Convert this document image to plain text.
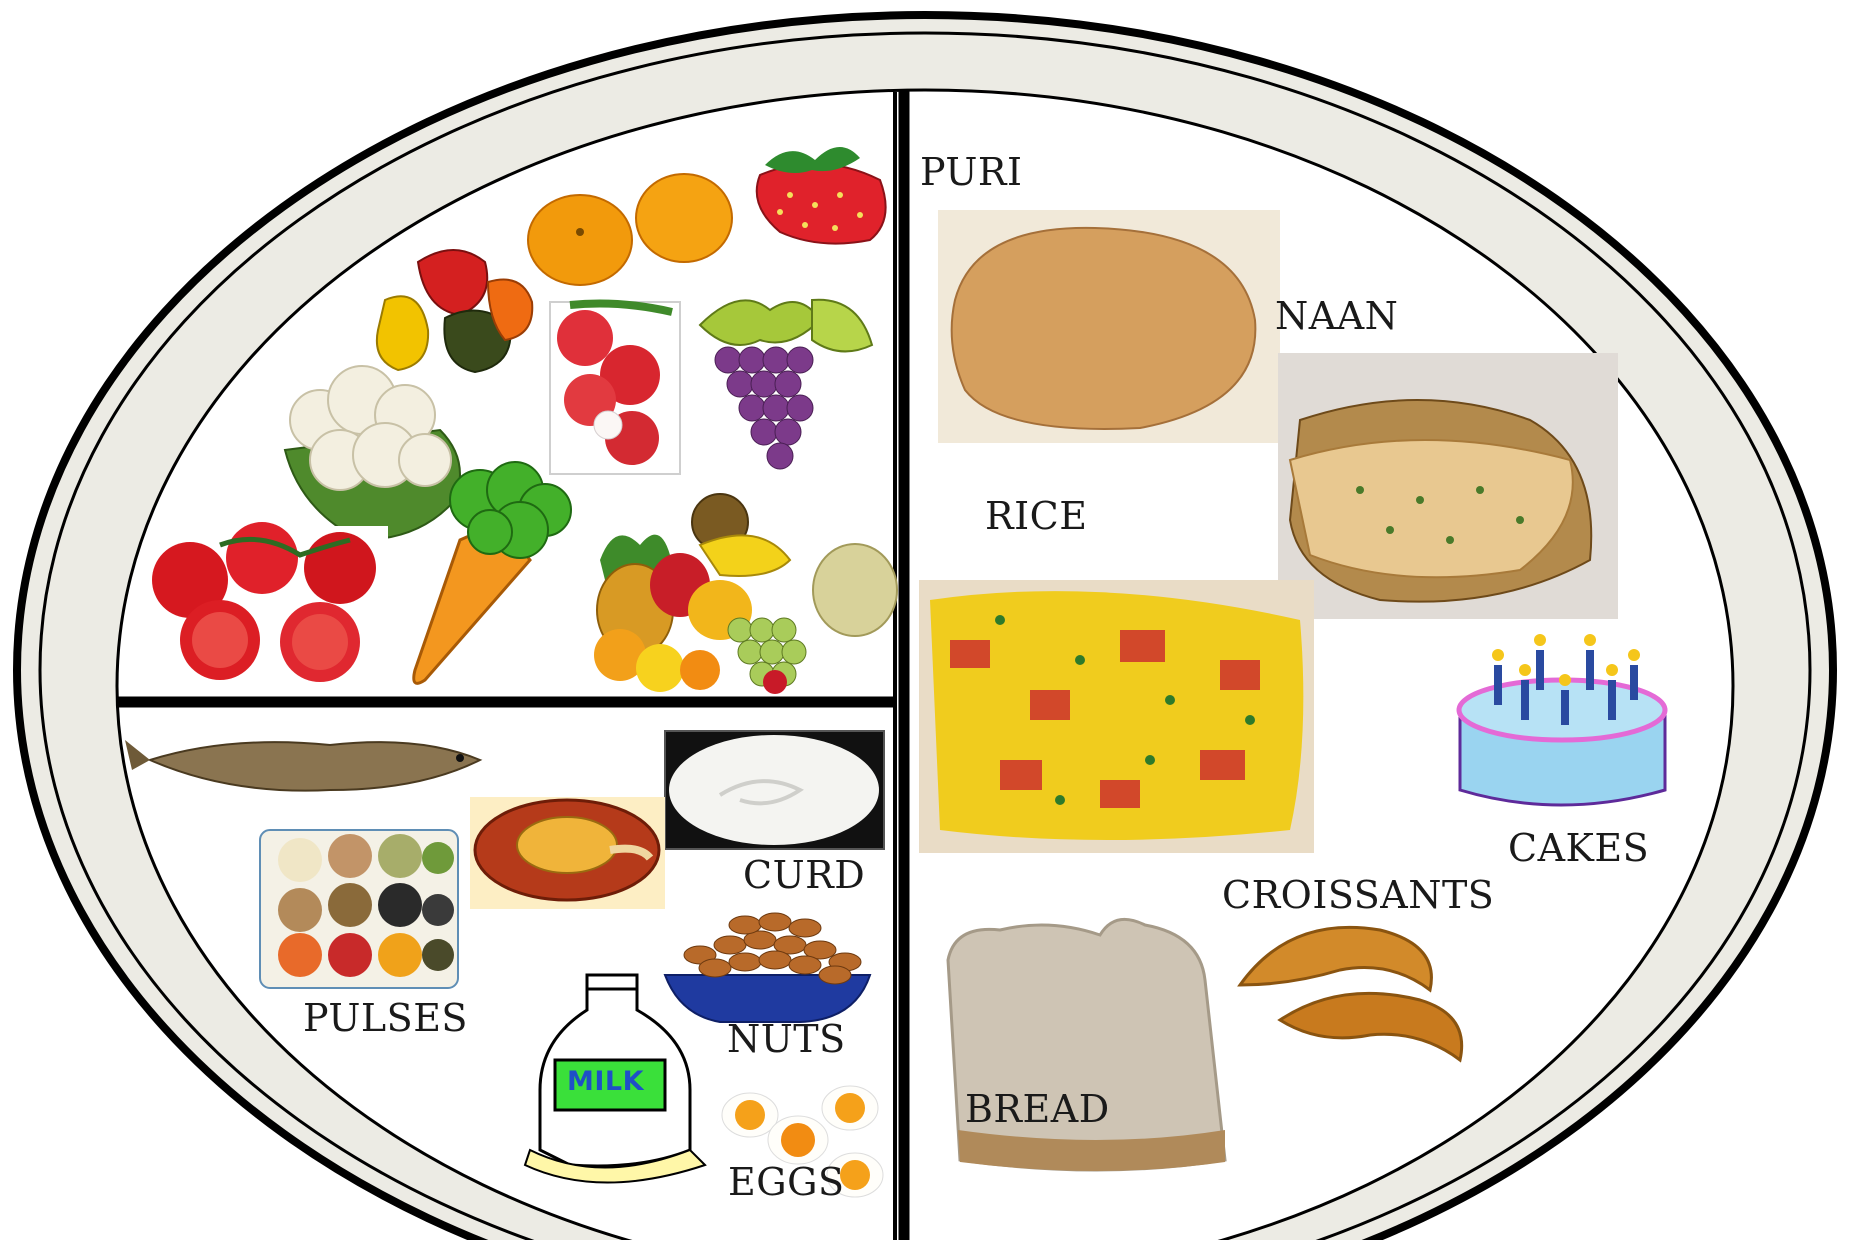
PURI
NAAN
RICE
CAKES
CROISSANTS
BREAD
CURD
PULSES	NUTS
EGGS
MILK
